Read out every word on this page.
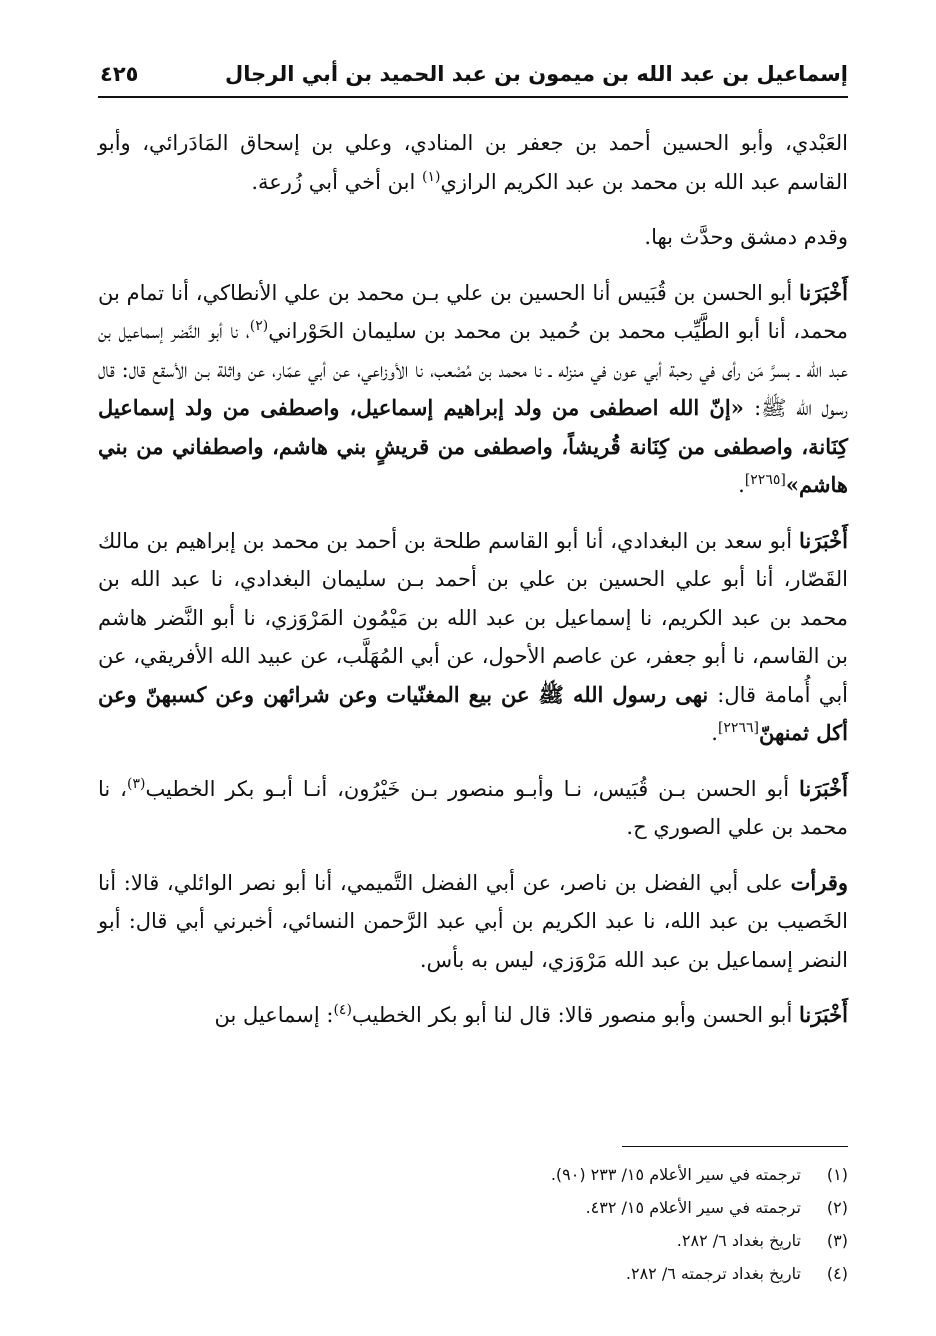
إسماعيل بن عبد الله بن ميمون بن عبد الحميد بن أبي الرجال
٤٢٥

العَبْدي، وأبو الحسين أحمد بن جعفر بن المنادي، وعلي بن إسحاق المَادَرائي، وأبو القاسم عبد الله بن محمد بن عبد الكريم الرازي$^{(١)}$ ابن أخي أبي زُرعة.

وقدم دمشق وحدَّث بها.

أَخْبَرَنا أبو الحسن بن قُبَيس أنا الحسين بن علي بـن محمد بن علي الأنطاكي، أنا تمام بن محمد، أنا أبو الطَّيِّب محمد بن حُميد بن محمد بن سليمان الحَوْراني$^{(٢)}$، نا أبو النَّضر إسماعيل بن عبد الله ـ بسرَّ مَن رأى في رحبة أبي عون في منزله ـ نا محمد بن مُصْعب، نا الأوزاعي، عن أبي عمّار، عن واثلة بـن الأسقع قال: قال رسول الله ﷺ: «إنّ الله اصطفى من ولد إبراهيم إسماعيل، واصطفى من ولد إسماعيل كِنَانة، واصطفى من كِنَانة قُريشاً، واصطفى من قريشٍ بني هاشم، واصطفاني من بني هاشم»[٢٢٦٥].

أَخْبَرَنا أبو سعد بن البغدادي، أنا أبو القاسم طلحة بن أحمد بن محمد بن إبراهيم بن مالك القَصّار، أنا أبو علي الحسين بن علي بن أحمد بـن سليمان البغدادي، نا عبد الله بن محمد بن عبد الكريم، نا إسماعيل بن عبد الله بن مَيْمُون المَرْوَزي، نا أبو النَّضر هاشم بن القاسم، نا أبو جعفر، عن عاصم الأحول، عن أبي المُهَلَّب، عن عبيد الله الأفريقي، عن أبي أُمامة قال: نهى رسول الله ﷺ عن بيع المغنّيات وعن شرائهن وعن كسبهنّ وعن أكل ثمنهنّ[٢٢٦٦].

أَخْبَرَنا أبو الحسن بـن قُبَيس، نـا وأبـو منصور بـن خَيْرُون، أنـا أبـو بكر الخطيب$^{(٣)}$، نا محمد بن علي الصوري ح.

وقرأت على أبي الفضل بن ناصر، عن أبي الفضل التَّميمي، أنا أبو نصر الوائلي، قالا: أنا الخَصيب بن عبد الله، نا عبد الكريم بن أبي عبد الرَّحمن النسائي، أخبرني أبي قال: أبو النضر إسماعيل بن عبد الله مَرْوَزي، ليس به بأس.

أَخْبَرَنا أبو الحسن وأبو منصور قالا: قال لنا أبو بكر الخطيب$^{(٤)}$: إسماعيل بن

(١) ترجمته في سير الأعلام ١٥/ ٢٣٣ (٩٠).
(٢) ترجمته في سير الأعلام ١٥/ ٤٣٢.
(٣) تاريخ بغداد ٦/ ٢٨٢.
(٤) تاريخ بغداد ترجمته ٦/ ٢٨٢.
